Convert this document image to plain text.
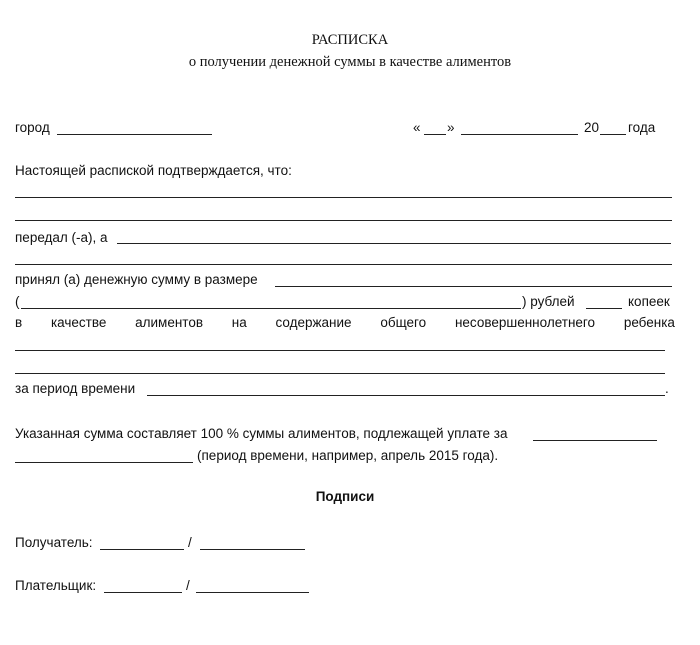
РАСПИСКА
о получении денежной суммы в качестве алиментов
город	« »	20 года
Настоящей распиской подтверждается, что:
передал (-а), а
принял (а) денежную сумму в размере
(	) рублей	копеек
в качестве алиментов на содержание общего несовершеннолетнего ребенка
за период времени	.
Указанная сумма составляет 100 % суммы алиментов, подлежащей уплате за
(период времени, например, апрель 2015 года).
Подписи
Получатель:	/
Плательщик:	/
